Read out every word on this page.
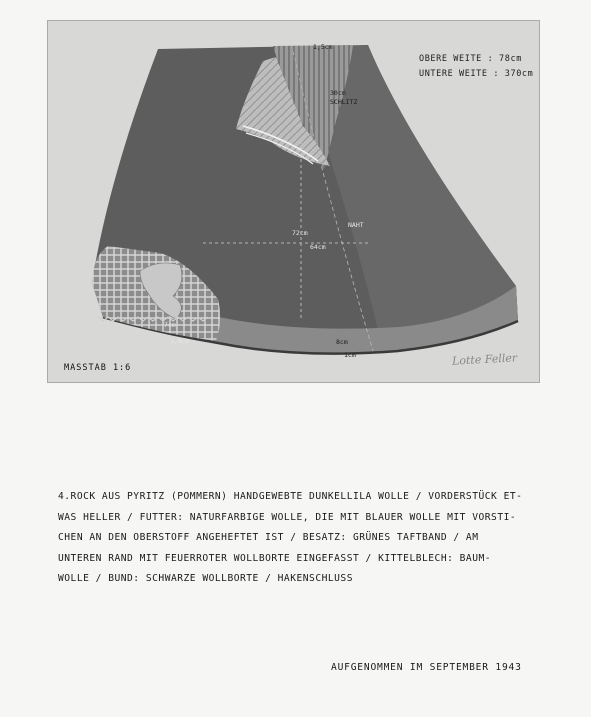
OBERE WEITE : 78cm
UNTERE WEITE : 370cm
1,5cm
30cm
SCHLITZ
72cm
64cm
NAHT
8cm
1cm
7cm
1,8cm
MASSTAB 1:6
Lotte Feller
4.ROCK AUS PYRITZ (POMMERN) HANDGEWEBTE DUNKELLILA WOLLE / VORDERSTÜCK ET-
WAS HELLER / FUTTER: NATURFARBIGE WOLLE, DIE MIT BLAUER WOLLE MIT VORSTI-
CHEN AN DEN OBERSTOFF ANGEHEFTET IST / BESATZ: GRÜNES TAFTBAND / AM
UNTEREN RAND MIT FEUERROTER WOLLBORTE EINGEFASST / KITTELBLECH: BAUM-
WOLLE / BUND: SCHWARZE WOLLBORTE / HAKENSCHLUSS
AUFGENOMMEN IM SEPTEMBER 1943
